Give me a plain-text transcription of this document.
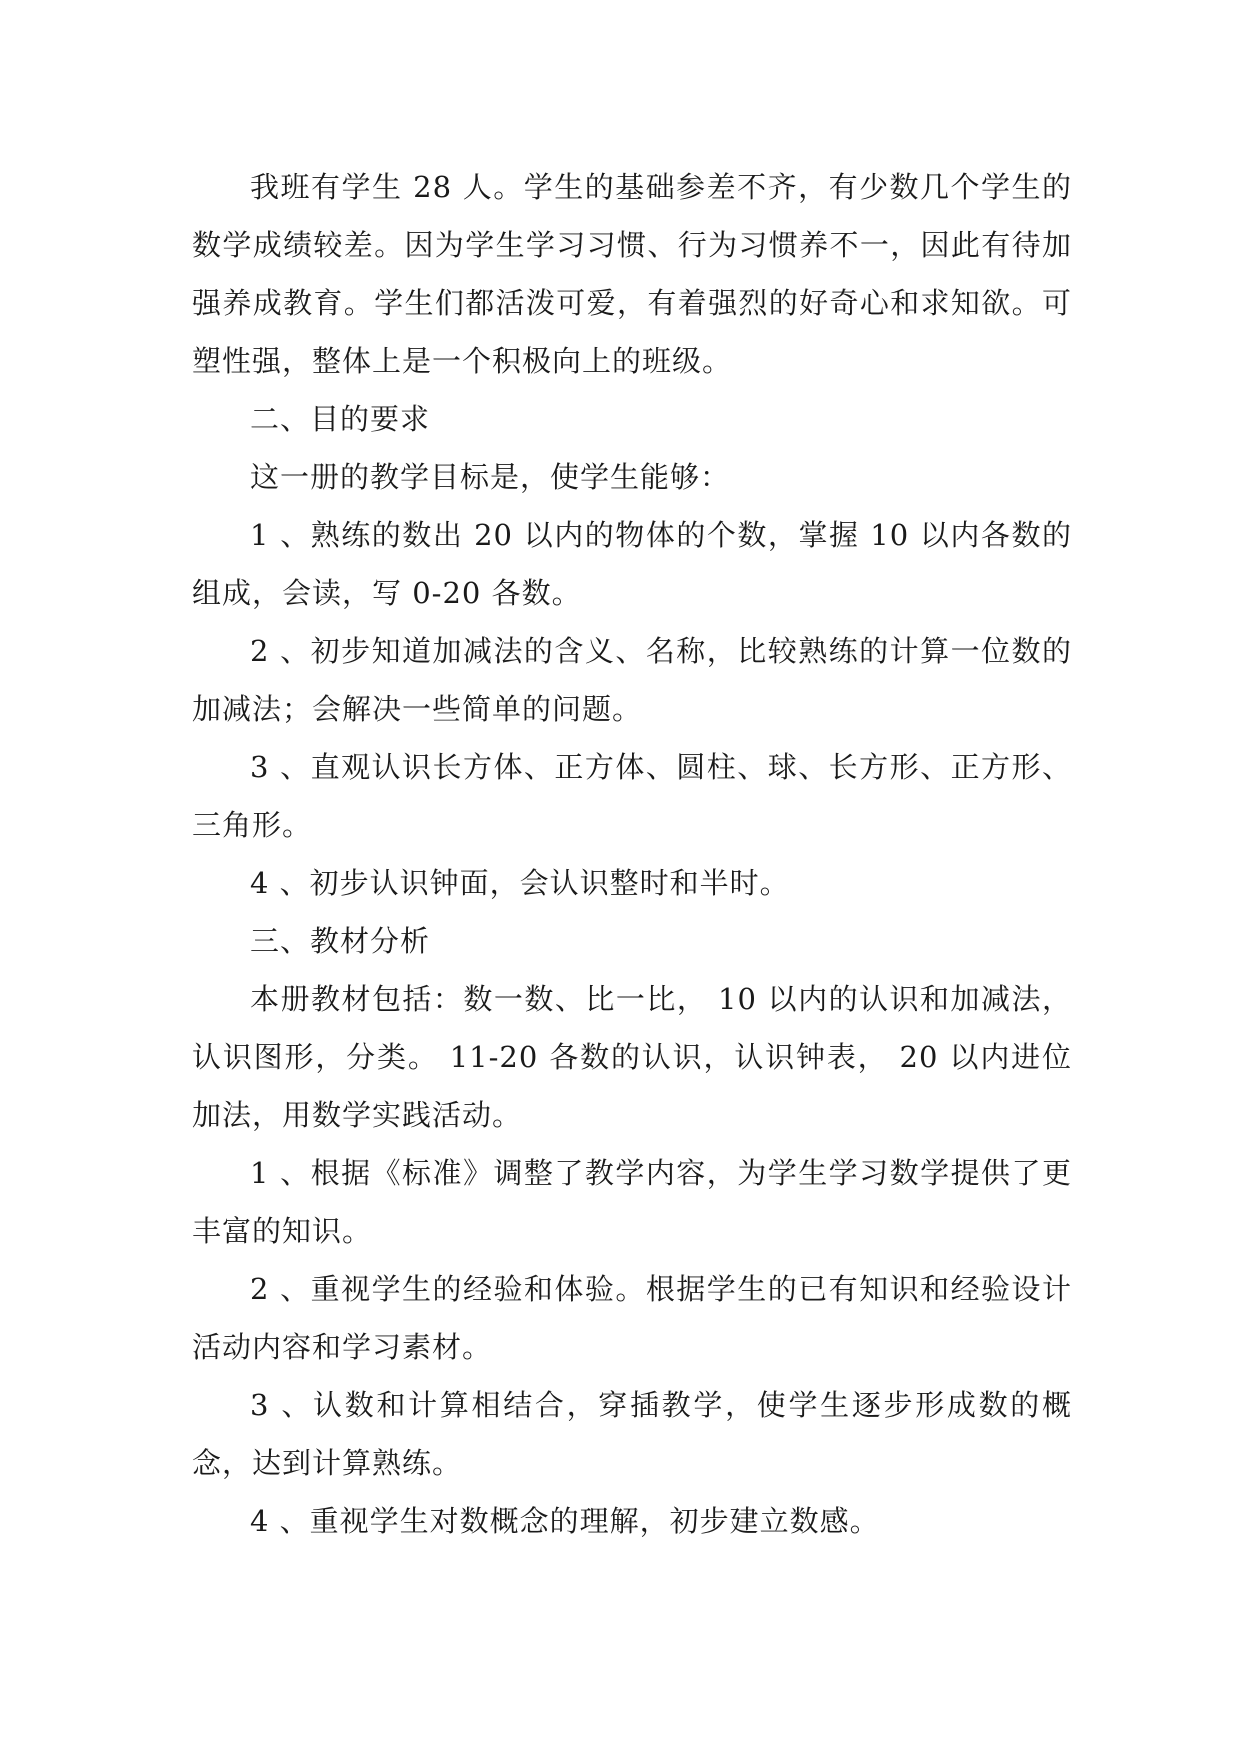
我班有学生 28 人。学生的基础参差不齐，有少数几个学生的数学成绩较差。因为学生学习习惯、行为习惯养不一，因此有待加强养成教育。学生们都活泼可爱，有着强烈的好奇心和求知欲。可塑性强，整体上是一个积极向上的班级。

二、目的要求

这一册的教学目标是，使学生能够：

1 、熟练的数出 20 以内的物体的个数，掌握 10 以内各数的组成，会读，写 0-20 各数。

2 、初步知道加减法的含义、名称，比较熟练的计算一位数的加减法；会解决一些简单的问题。

3 、直观认识长方体、正方体、圆柱、球、长方形、正方形、三角形。

4 、初步认识钟面，会认识整时和半时。

三、教材分析

本册教材包括：数一数、比一比， 10 以内的认识和加减法，认识图形，分类。 11-20 各数的认识，认识钟表， 20 以内进位加法，用数学实践活动。

1 、根据《标准》调整了教学内容，为学生学习数学提供了更丰富的知识。

2 、重视学生的经验和体验。根据学生的已有知识和经验设计活动内容和学习素材。

3 、认数和计算相结合，穿插教学，使学生逐步形成数的概念，达到计算熟练。

4 、重视学生对数概念的理解，初步建立数感。
